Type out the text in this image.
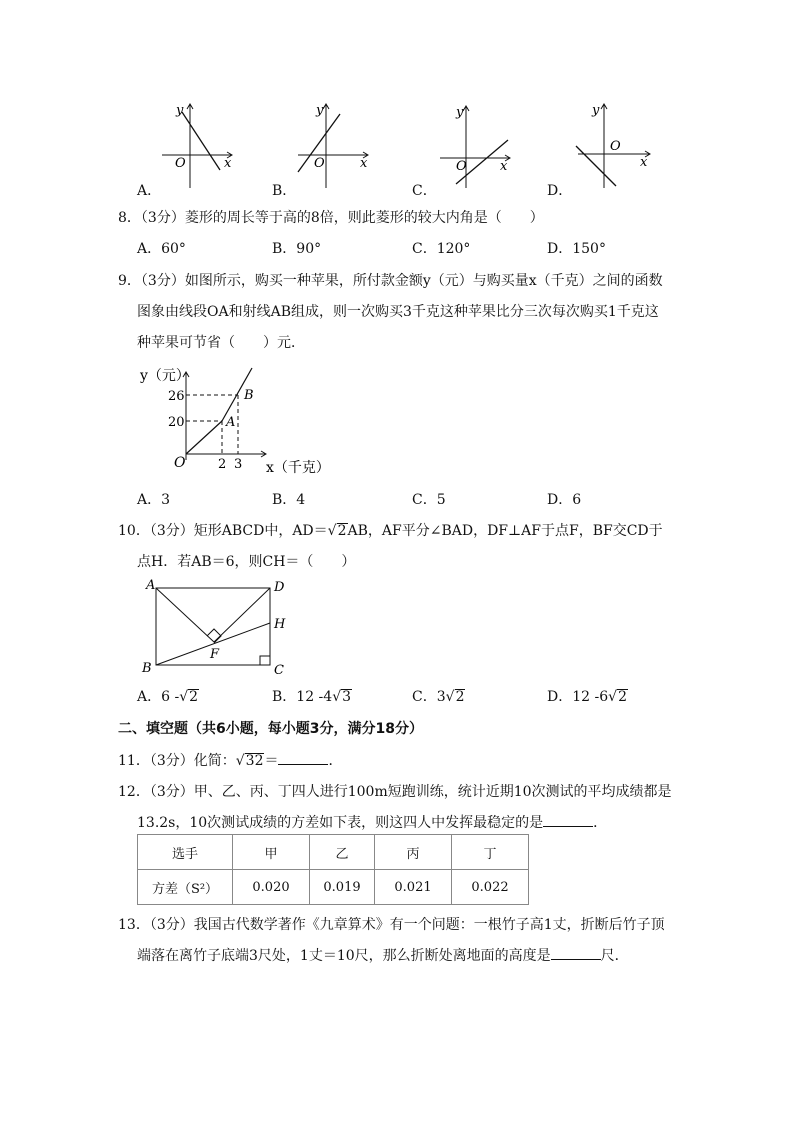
y
x
O
y
x
O
y
x
O
y
x
O
A．	B．	C．	D．
8．（3分）菱形的周长等于高的8倍，则此菱形的较大内角是（　　）
A．60°	B．90°	C．120°	D．150°
9．（3分）如图所示，购买一种苹果，所付款金额y（元）与购买量x（千克）之间的函数
图象由线段OA和射线AB组成，则一次购买3千克这种苹果比分三次每次购买1千克这
种苹果可节省（　　）元．
y（元）
x（千克）
O
26
20
2 3
A
B
A．3	B．4	C．5	D．6
10．（3分）矩形ABCD中，AD＝√2AB，AF平分∠BAD，DF⊥AF于点F，BF交CD于
点H．若AB＝6，则CH＝（　　）
A
B	C
D
H
F
A．6 -√2	B．12 -4√3	C．3√2	D．12 -6√2
二、填空题（共6小题，每小题3分，满分18分）
11．（3分）化简：√32＝	．
12．（3分）甲、乙、丙、丁四人进行100m短跑训练，统计近期10次测试的平均成绩都是
13.2s，10次测试成绩的方差如下表，则这四人中发挥最稳定的是	．
选手	甲	乙	丙	丁
方差（S²）	0.020	0.019	0.021	0.022
13．（3分）我国古代数学著作《九章算术》有一个问题：一根竹子高1丈，折断后竹子顶
端落在离竹子底端3尺处，1丈＝10尺，那么折断处离地面的高度是	尺．
